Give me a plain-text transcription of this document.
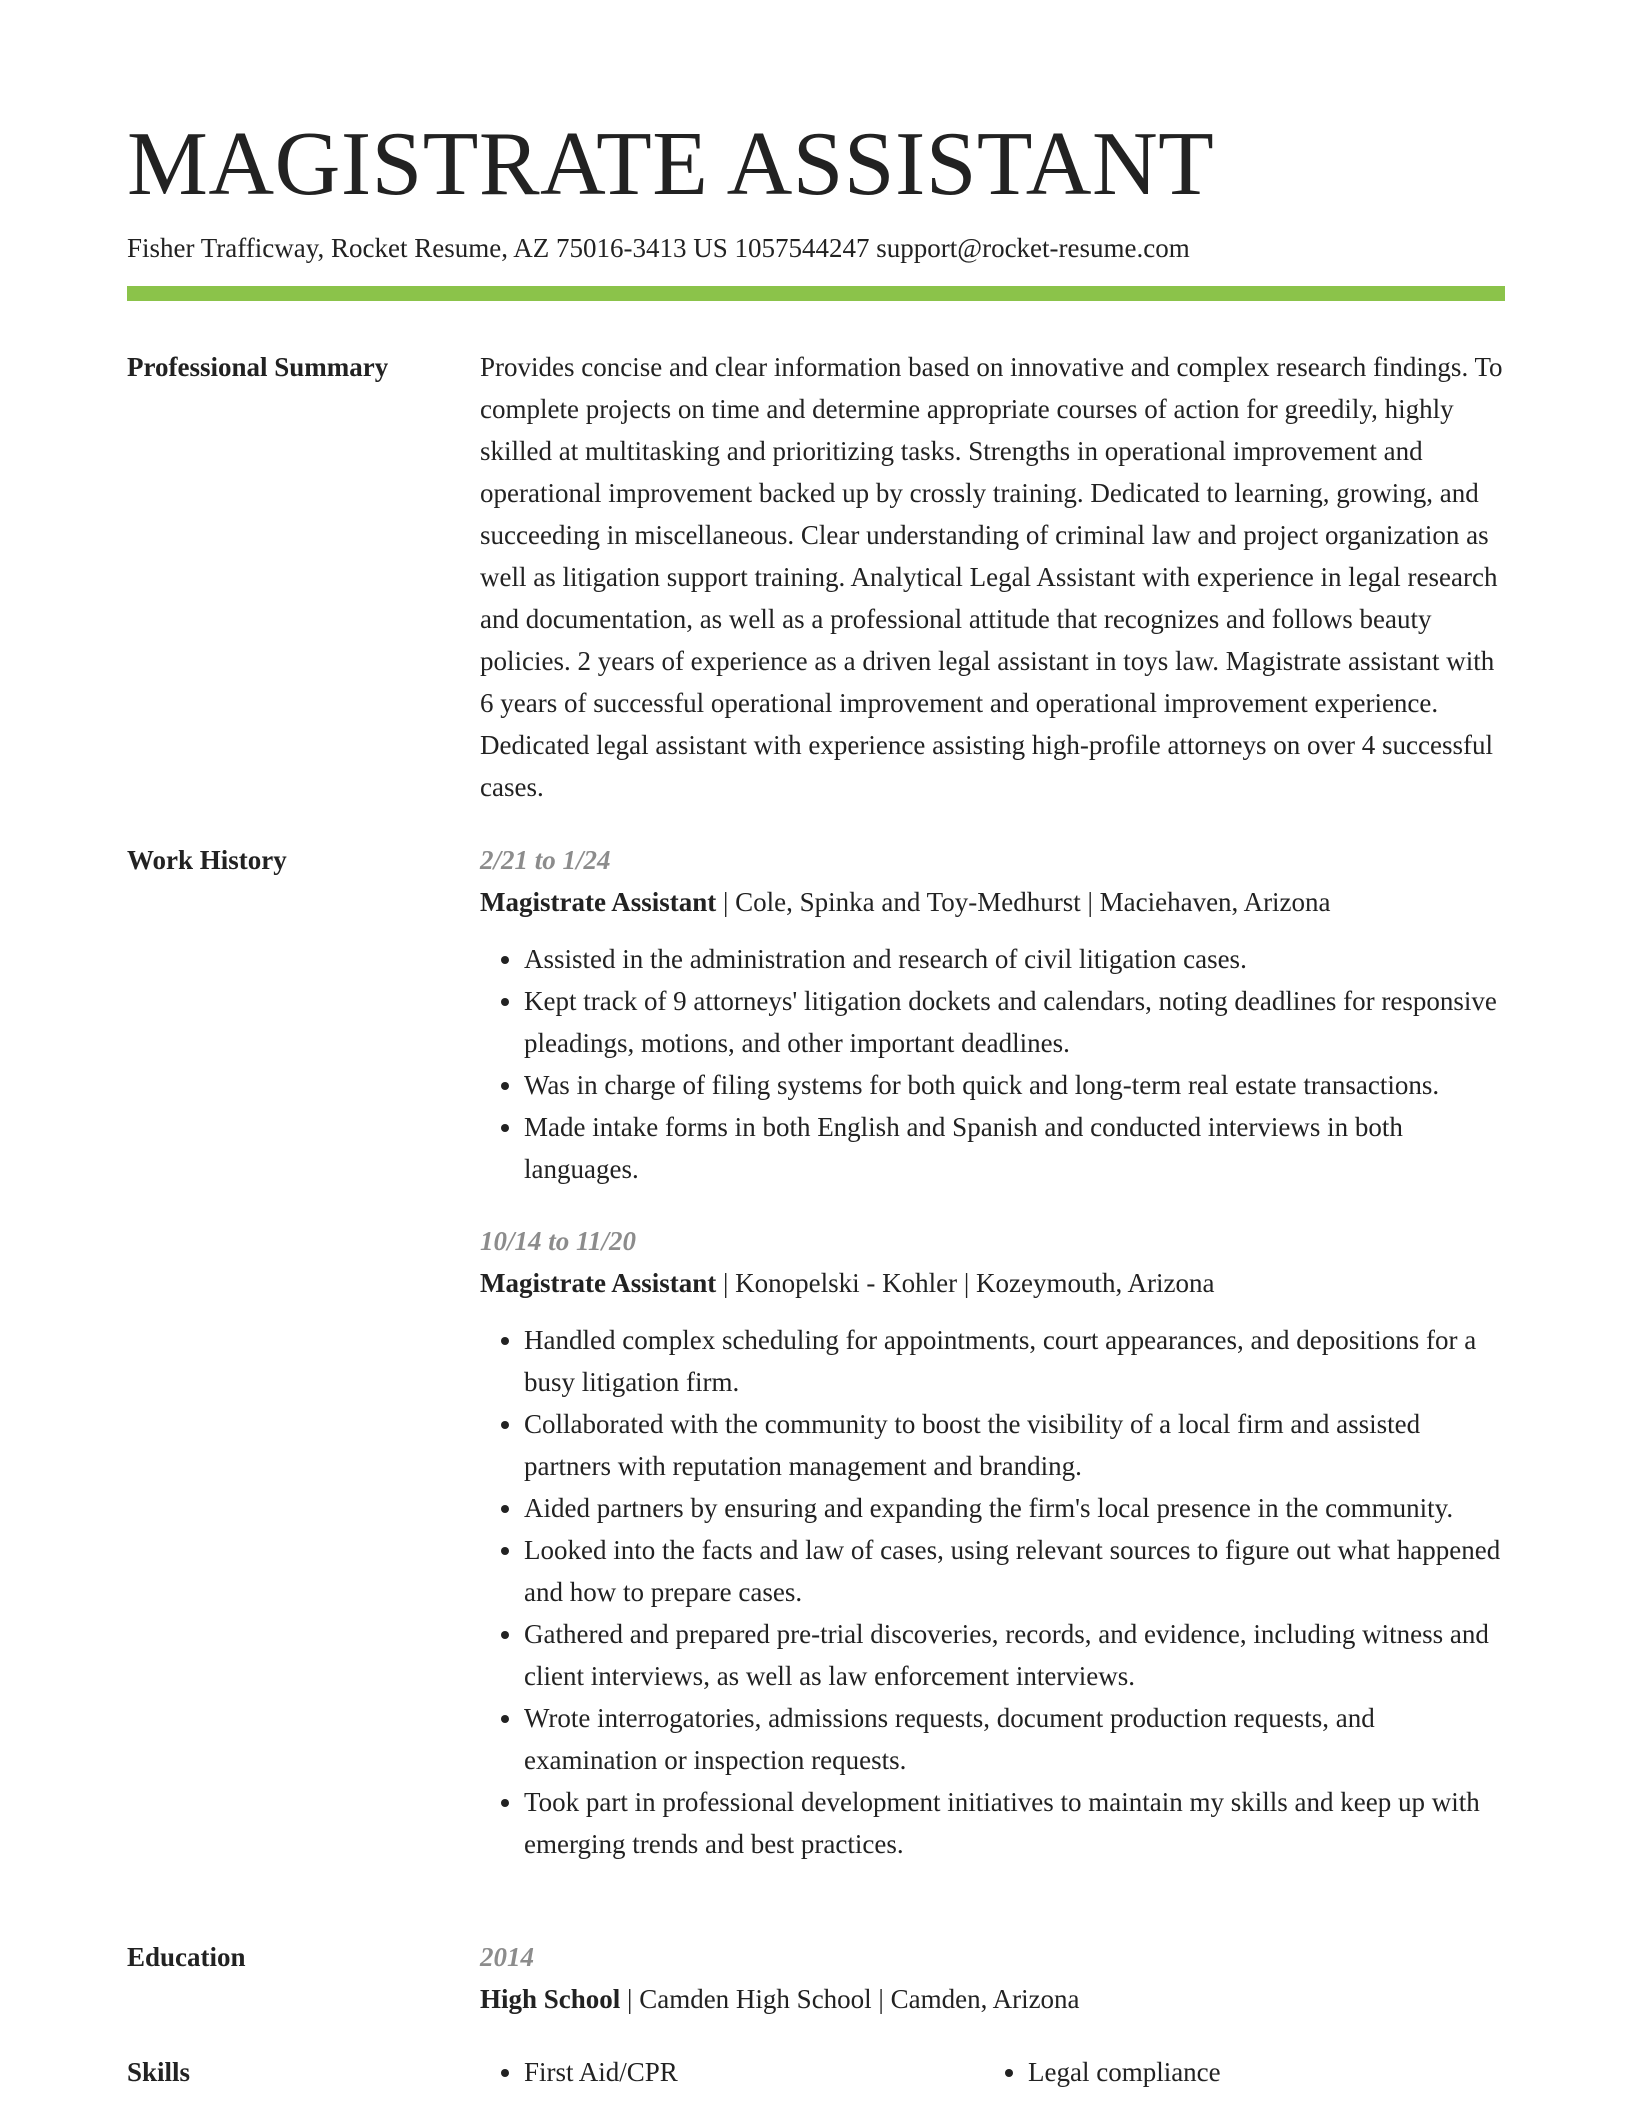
MAGISTRATE ASSISTANT
Fisher Trafficway, Rocket Resume, AZ 75016-3413 US 1057544247 support@rocket-resume.com
Professional Summary	Provides concise and clear information based on innovative and complex research findings. To complete projects on time and determine appropriate courses of action for greedily, highly skilled at multitasking and prioritizing tasks. Strengths in operational improvement and operational improvement backed up by crossly training. Dedicated to learning, growing, and succeeding in miscellaneous. Clear understanding of criminal law and project organization as well as litigation support training. Analytical Legal Assistant with experience in legal research and documentation, as well as a professional attitude that recognizes and follows beauty policies. 2 years of experience as a driven legal assistant in toys law. Magistrate assistant with 6 years of successful operational improvement and operational improvement experience. Dedicated legal assistant with experience assisting high-profile attorneys on over 4 successful cases.

Work History	2/21 to 1/24
Magistrate Assistant | Cole, Spinka and Toy-Medhurst | Maciehaven, Arizona
• Assisted in the administration and research of civil litigation cases.
• Kept track of 9 attorneys' litigation dockets and calendars, noting deadlines for responsive pleadings, motions, and other important deadlines.
• Was in charge of filing systems for both quick and long-term real estate transactions.
• Made intake forms in both English and Spanish and conducted interviews in both languages.
10/14 to 11/20
Magistrate Assistant | Konopelski - Kohler | Kozeymouth, Arizona
• Handled complex scheduling for appointments, court appearances, and depositions for a busy litigation firm.
• Collaborated with the community to boost the visibility of a local firm and assisted partners with reputation management and branding.
• Aided partners by ensuring and expanding the firm's local presence in the community.
• Looked into the facts and law of cases, using relevant sources to figure out what happened and how to prepare cases.
• Gathered and prepared pre-trial discoveries, records, and evidence, including witness and client interviews, as well as law enforcement interviews.
• Wrote interrogatories, admissions requests, document production requests, and examination or inspection requests.
• Took part in professional development initiatives to maintain my skills and keep up with emerging trends and best practices.
Education	2014
High School | Camden High School | Camden, Arizona
Skills	• First Aid/CPR	• Legal compliance
